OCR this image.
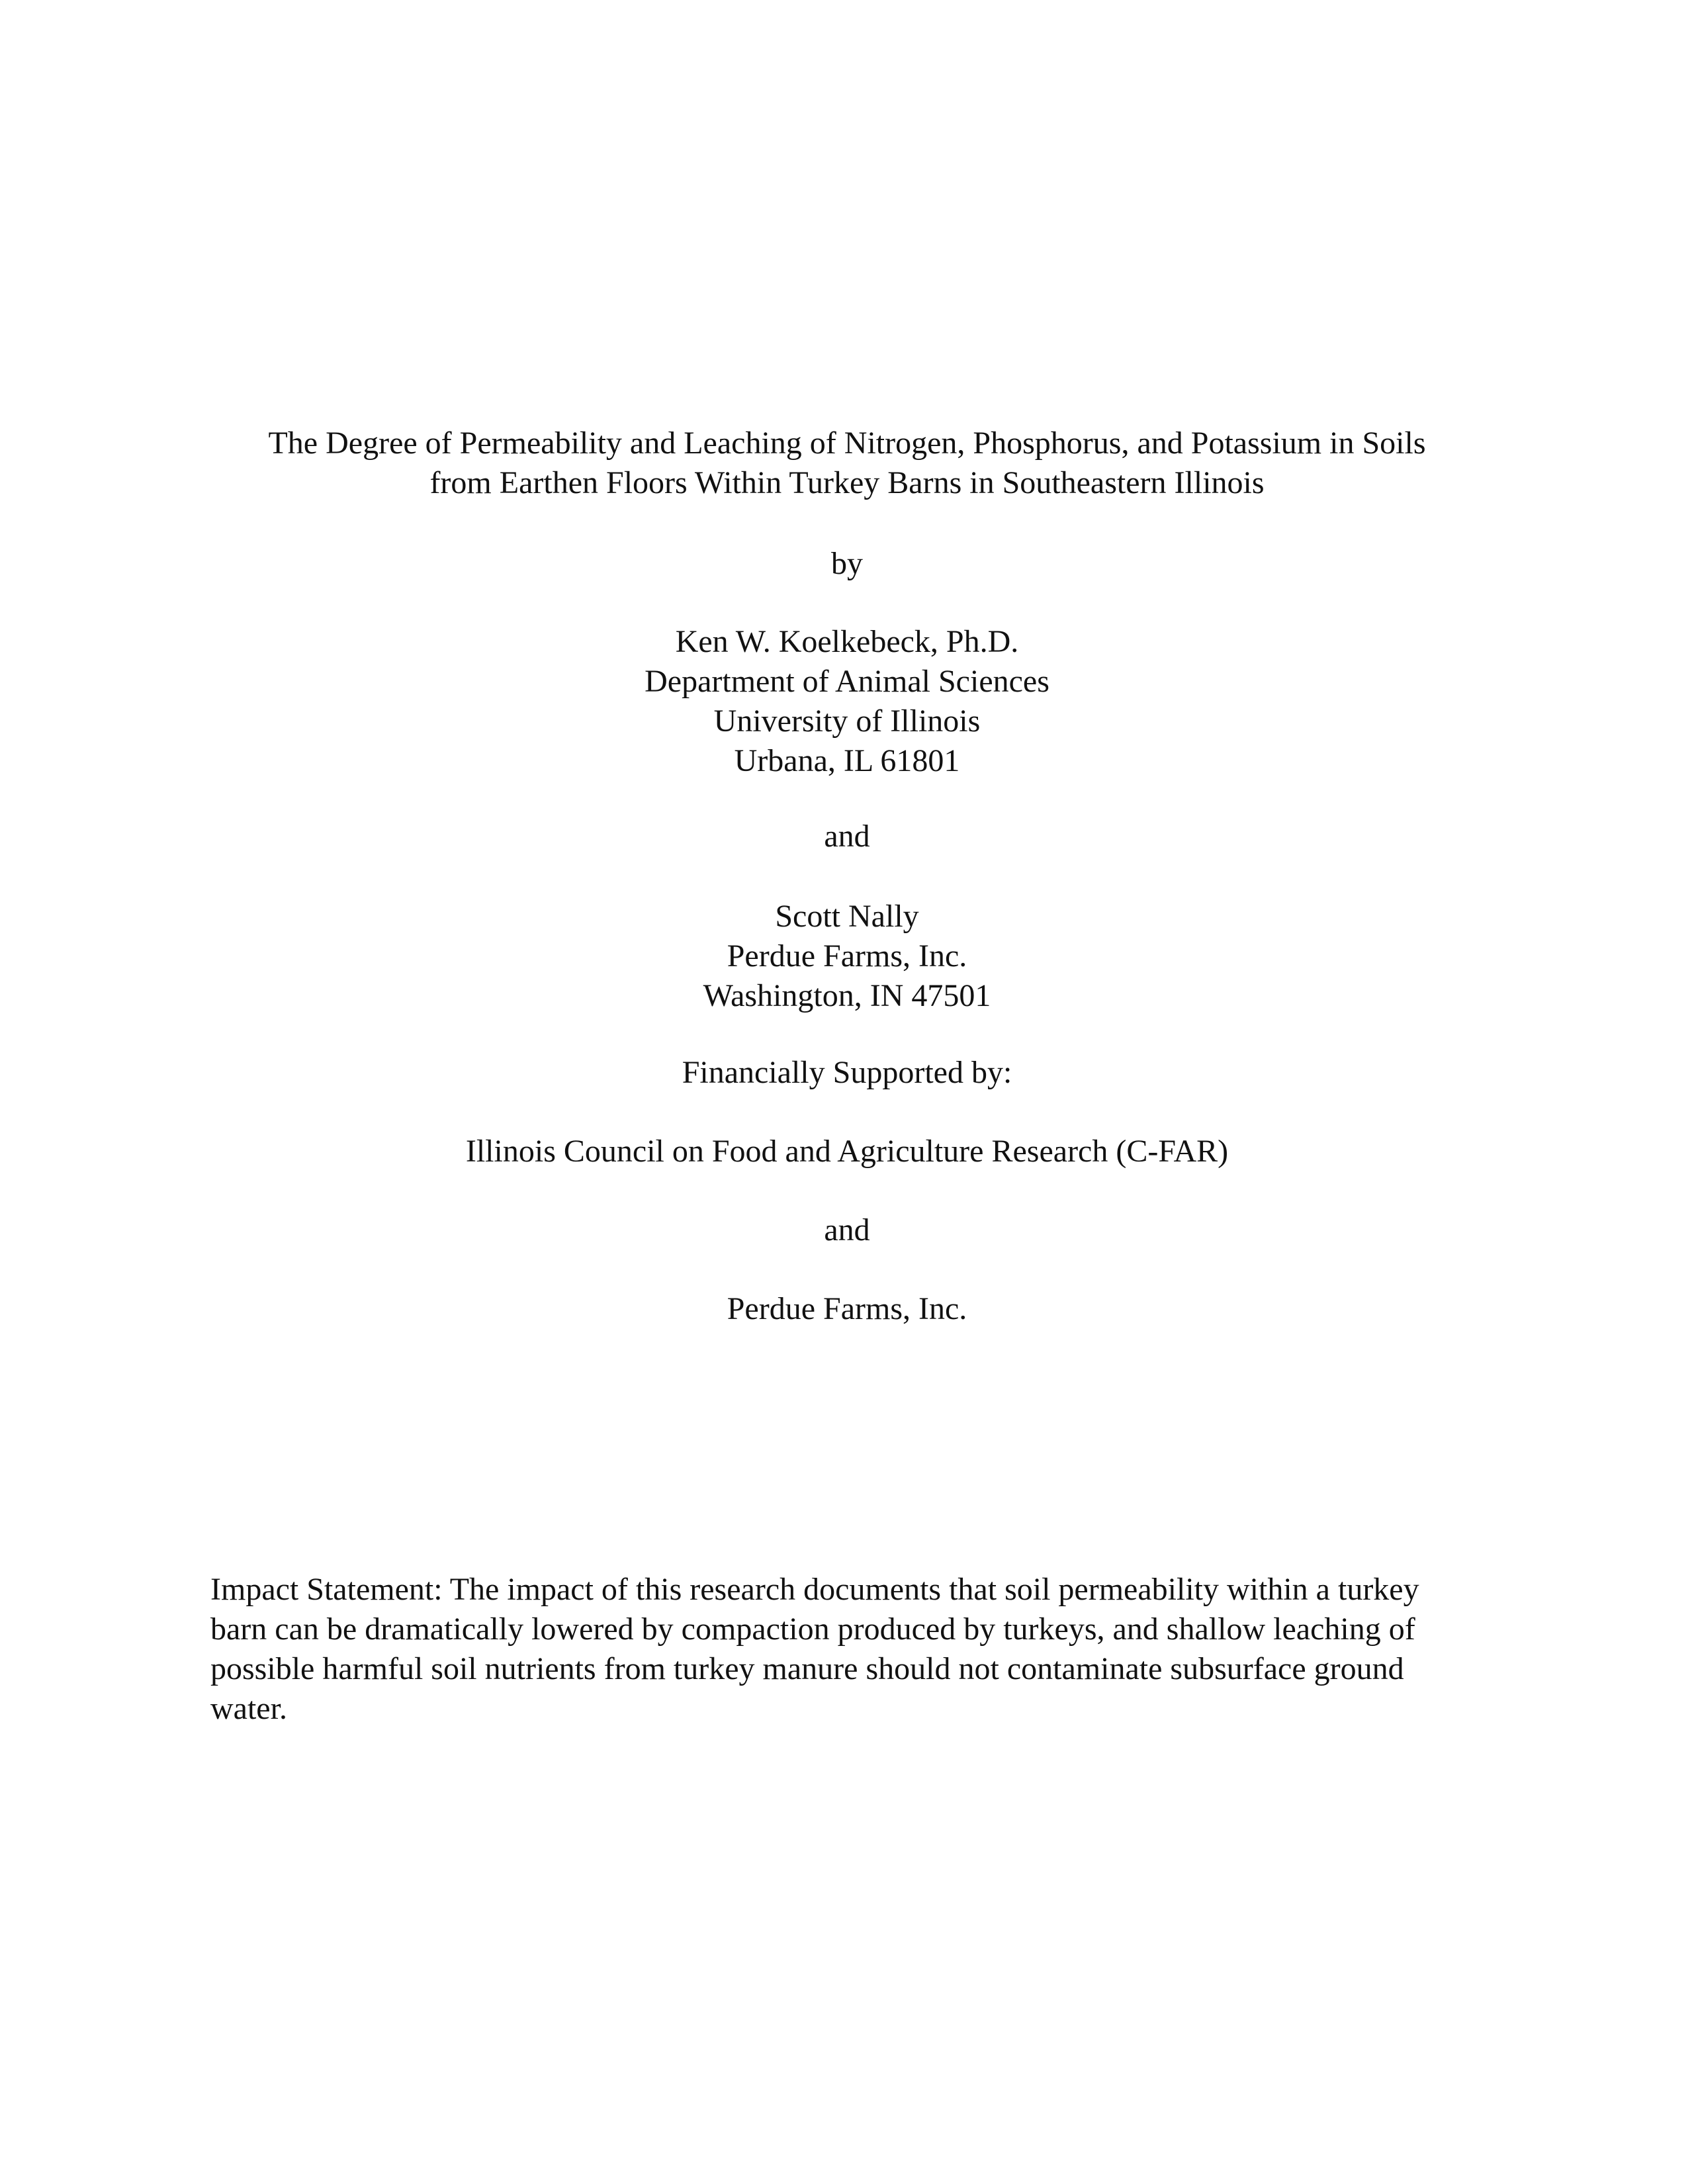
The Degree of Permeability and Leaching of Nitrogen, Phosphorus, and Potassium in Soils
from Earthen Floors Within Turkey Barns in Southeastern Illinois
by
Ken W. Koelkebeck, Ph.D.
Department of Animal Sciences
University of Illinois
Urbana, IL 61801
and
Scott Nally
Perdue Farms, Inc.
Washington, IN 47501
Financially Supported by:
Illinois Council on Food and Agriculture Research (C-FAR)
and
Perdue Farms, Inc.
Impact Statement: The impact of this research documents that soil permeability within a turkey
barn can be dramatically lowered by compaction produced by turkeys, and shallow leaching of
possible harmful soil nutrients from turkey manure should not contaminate subsurface ground
water.
